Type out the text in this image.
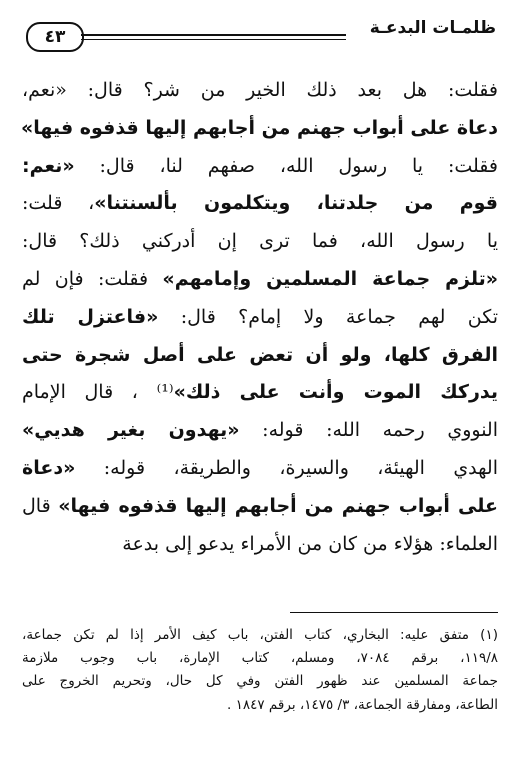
ظلمـات البدعـة
٤٣
فقلت: هل بعد ذلك الخير من شر؟ قال: «نعم،
دعاة على أبواب جهنم من أجابهم إليها قذفوه فيها»
فقلت: يا رسول الله، صفهم لنا، قال: «نعم:
قوم من جلدتنا، ويتكلمون بألسنتنا»، قلت:
يا رسول الله، فما ترى إن أدركني ذلك؟ قال:
«تلزم جماعة المسلمين وإمامهم» فقلت: فإن لم
تكن لهم جماعة ولا إمام؟ قال: «فاعتزل تلك
الفرق كلها، ولو أن تعض على أصل شجرة حتى
يدركك الموت وأنت على ذلك»⁽¹⁾ ، قال الإمام
النووي رحمه الله: قوله: «يهدون بغير هديي»
الهدي الهيئة، والسيرة، والطريقة، قوله: «دعاة
على أبواب جهنم من أجابهم إليها قذفوه فيها» قال
العلماء: هؤلاء من كان من الأمراء يدعو إلى بدعة
(١) متفق عليه: البخاري، كتاب الفتن، باب كيف الأمر إذا لم تكن جماعة،
١١٩/٨، برقم ٧٠٨٤، ومسلم، كتاب الإمارة، باب وجوب ملازمة
جماعة المسلمين عند ظهور الفتن وفي كل حال، وتحريم الخروج على
الطاعة، ومفارقة الجماعة، ٣/ ١٤٧٥، برقم ١٨٤٧ .
